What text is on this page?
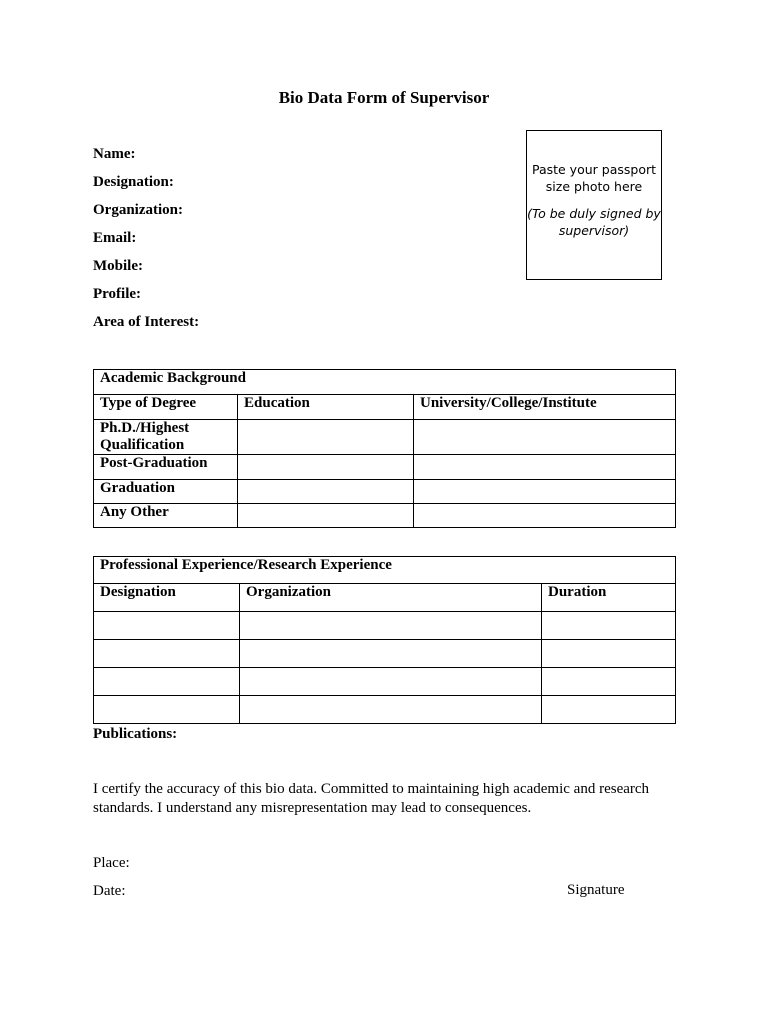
Bio Data Form of Supervisor
Name:
Designation:
Organization:
Email:
Mobile:
Profile:
Area of Interest:
Paste your passport size photo here
(To be duly signed by supervisor)
Academic Background		
Type of Degree	Education	University/College/Institute
Ph.D./Highest Qualification		
Post-Graduation		
Graduation		
Any Other		
Professional Experience/Research Experience		
Designation	Organization	Duration

Publications:
I certify the accuracy of this bio data. Committed to maintaining high academic and research standards. I understand any misrepresentation may lead to consequences.
Place:
Date:	Signature
